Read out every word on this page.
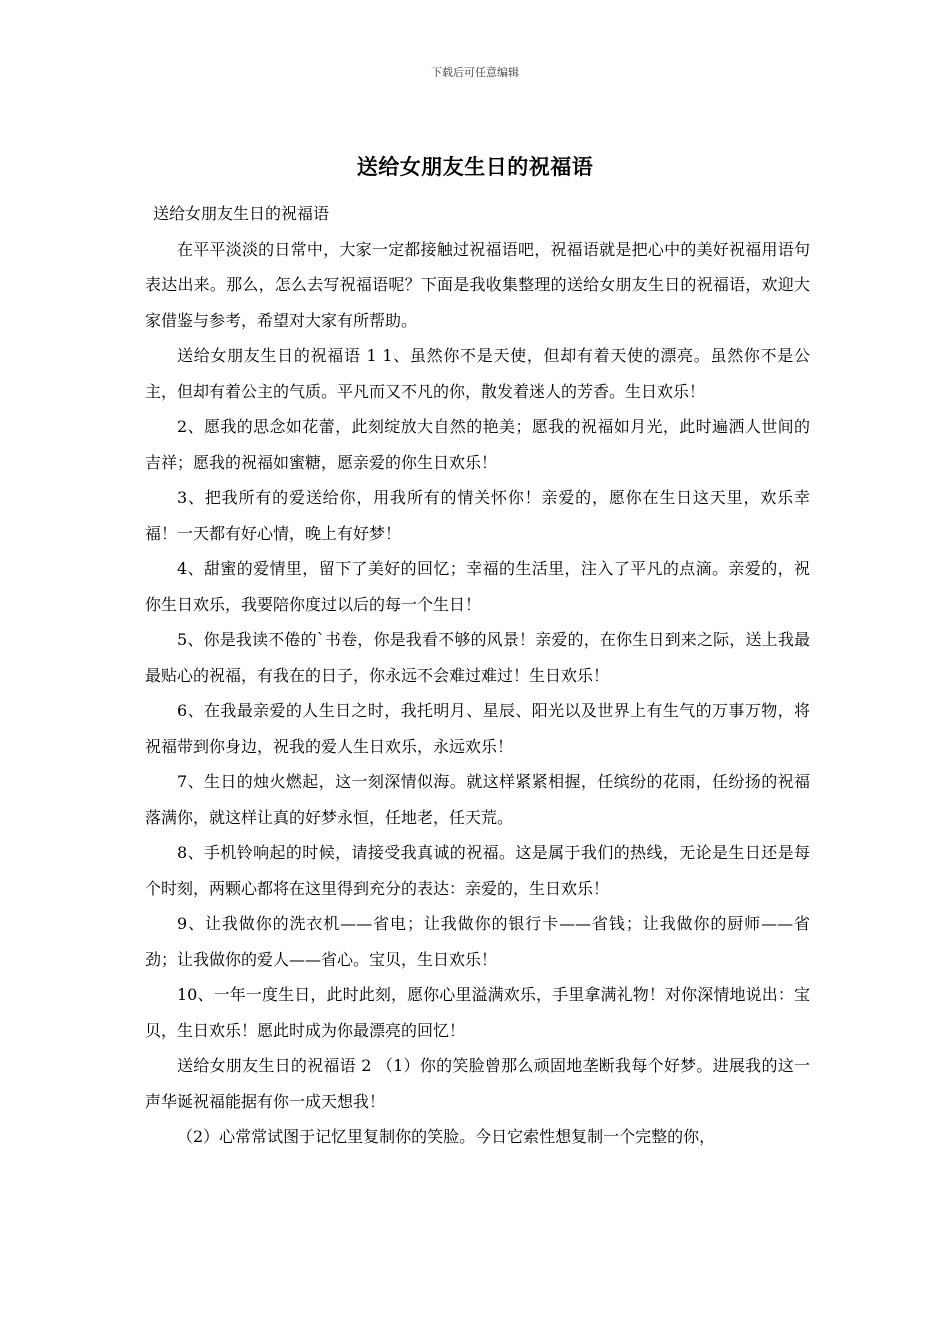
下载后可任意编辑
送给女朋友生日的祝福语

送给女朋友生日的祝福语

在平平淡淡的日常中，大家一定都接触过祝福语吧，祝福语就是把心中的美好祝福用语句表达出来。那么，怎么去写祝福语呢？下面是我收集整理的送给女朋友生日的祝福语，欢迎大家借鉴与参考，希望对大家有所帮助。

送给女朋友生日的祝福语 1 1、虽然你不是天使，但却有着天使的漂亮。虽然你不是公主，但却有着公主的气质。平凡而又不凡的你，散发着迷人的芳香。生日欢乐！

2、愿我的思念如花蕾，此刻绽放大自然的艳美；愿我的祝福如月光，此时遍洒人世间的吉祥；愿我的祝福如蜜糖，愿亲爱的你生日欢乐！

3、把我所有的爱送给你，用我所有的情关怀你！亲爱的，愿你在生日这天里，欢乐幸福！一天都有好心情，晚上有好梦！

4、甜蜜的爱情里，留下了美好的回忆；幸福的生活里，注入了平凡的点滴。亲爱的，祝你生日欢乐，我要陪你度过以后的每一个生日！

5、你是我读不倦的`书卷，你是我看不够的风景！亲爱的，在你生日到来之际，送上我最最贴心的祝福，有我在的日子，你永远不会难过难过！生日欢乐！

6、在我最亲爱的人生日之时，我托明月、星辰、阳光以及世界上有生气的万事万物，将祝福带到你身边，祝我的爱人生日欢乐，永远欢乐！

7、生日的烛火燃起，这一刻深情似海。就这样紧紧相握，任缤纷的花雨，任纷扬的祝福落满你，就这样让真的好梦永恒，任地老，任天荒。

8、手机铃响起的时候，请接受我真诚的祝福。这是属于我们的热线，无论是生日还是每个时刻，两颗心都将在这里得到充分的表达：亲爱的，生日欢乐！

9、让我做你的洗衣机——省电；让我做你的银行卡——省钱；让我做你的厨师——省劲；让我做你的爱人——省心。宝贝，生日欢乐！

10、一年一度生日，此时此刻，愿你心里溢满欢乐，手里拿满礼物！对你深情地说出：宝贝，生日欢乐！愿此时成为你最漂亮的回忆！

送给女朋友生日的祝福语 2 （1）你的笑脸曾那么顽固地垄断我每个好梦。进展我的这一声华诞祝福能据有你一成天想我！

（2）心常常试图于记忆里复制你的笑脸。今日它索性想复制一个完整的你，
